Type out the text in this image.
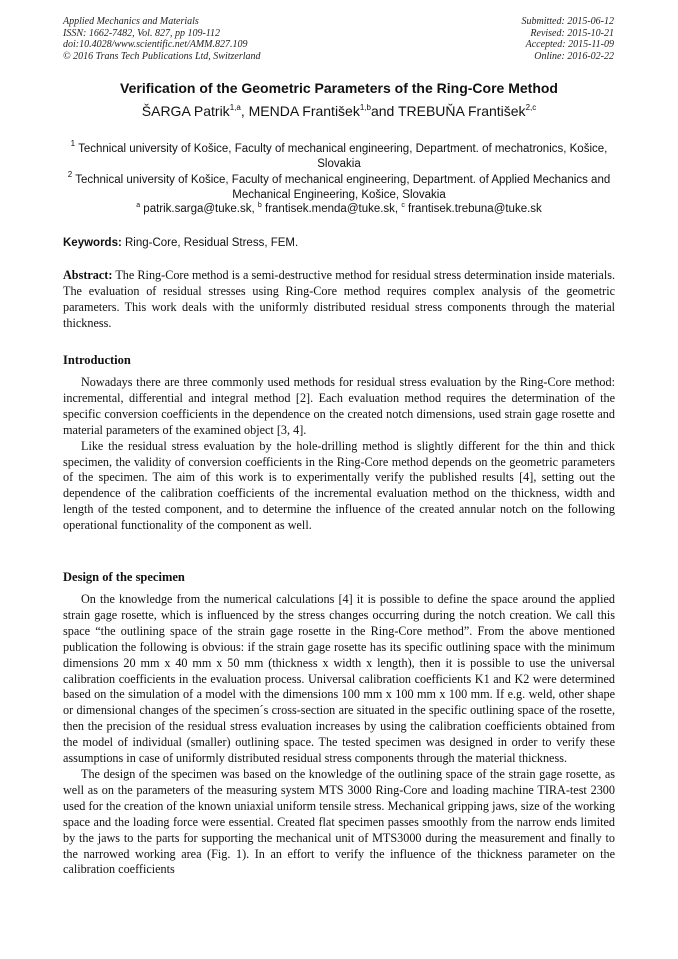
Applied Mechanics and Materials
ISSN: 1662-7482, Vol. 827, pp 109-112
doi:10.4028/www.scientific.net/AMM.827.109
© 2016 Trans Tech Publications Ltd, Switzerland
Submitted: 2015-06-12
Revised: 2015-10-21
Accepted: 2015-11-09
Online: 2016-02-22
Verification of the Geometric Parameters of the Ring-Core Method
ŠARGA Patrik$^{1,a}$, MENDA František$^{1,b}$and TREBUŇA František$^{2,c}$
$^1$ Technical university of Košice, Faculty of mechanical engineering, Department. of mechatronics, Košice, Slovakia
$^2$ Technical university of Košice, Faculty of mechanical engineering, Department. of Applied Mechanics and Mechanical Engineering, Košice, Slovakia
$^a$ patrik.sarga@tuke.sk, $^b$ frantisek.menda@tuke.sk, $^c$ frantisek.trebuna@tuke.sk
Keywords: Ring-Core, Residual Stress, FEM.
Abstract: The Ring-Core method is a semi-destructive method for residual stress determination inside materials. The evaluation of residual stresses using Ring-Core method requires complex analysis of the geometric parameters. This work deals with the uniformly distributed residual stress components through the material thickness.
Introduction

Nowadays there are three commonly used methods for residual stress evaluation by the Ring-Core method: incremental, differential and integral method [2]. Each evaluation method requires the determination of the specific conversion coefficients in the dependence on the created notch dimensions, used strain gage rosette and material parameters of the examined object [3, 4].

Like the residual stress evaluation by the hole-drilling method is slightly different for the thin and thick specimen, the validity of conversion coefficients in the Ring-Core method depends on the geometric parameters of the specimen. The aim of this work is to experimentally verify the published results [4], setting out the dependence of the calibration coefficients of the incremental evaluation method on the thickness, width and length of the tested component, and to determine the influence of the created annular notch on the following operational functionality of the component as well.

Design of the specimen

On the knowledge from the numerical calculations [4] it is possible to define the space around the applied strain gage rosette, which is influenced by the stress changes occurring during the notch creation. We call this space “the outlining space of the strain gage rosette in the Ring-Core method”. From the above mentioned publication the following is obvious: if the strain gage rosette has its specific outlining space with the minimum dimensions 20 mm x 40 mm x 50 mm (thickness x width x length), then it is possible to use the universal calibration coefficients in the evaluation process. Universal calibration coefficients K1 and K2 were determined based on the simulation of a model with the dimensions 100 mm x 100 mm x 100 mm. If e.g. weld, other shape or dimensional changes of the specimen´s cross-section are situated in the specific outlining space of the rosette, then the precision of the residual stress evaluation increases by using the calibration coefficients obtained from the model of individual (smaller) outlining space. The tested specimen was designed in order to verify these assumptions in case of uniformly distributed residual stress components through the material thickness.

The design of the specimen was based on the knowledge of the outlining space of the strain gage rosette, as well as on the parameters of the measuring system MTS 3000 Ring-Core and loading machine TIRA-test 2300 used for the creation of the known uniaxial uniform tensile stress. Mechanical gripping jaws, size of the working space and the loading force were essential. Created flat specimen passes smoothly from the narrow ends limited by the jaws to the parts for supporting the mechanical unit of MTS3000 during the measurement and finally to the narrowed working area (Fig. 1). In an effort to verify the influence of the thickness parameter on the calibration coefficients
